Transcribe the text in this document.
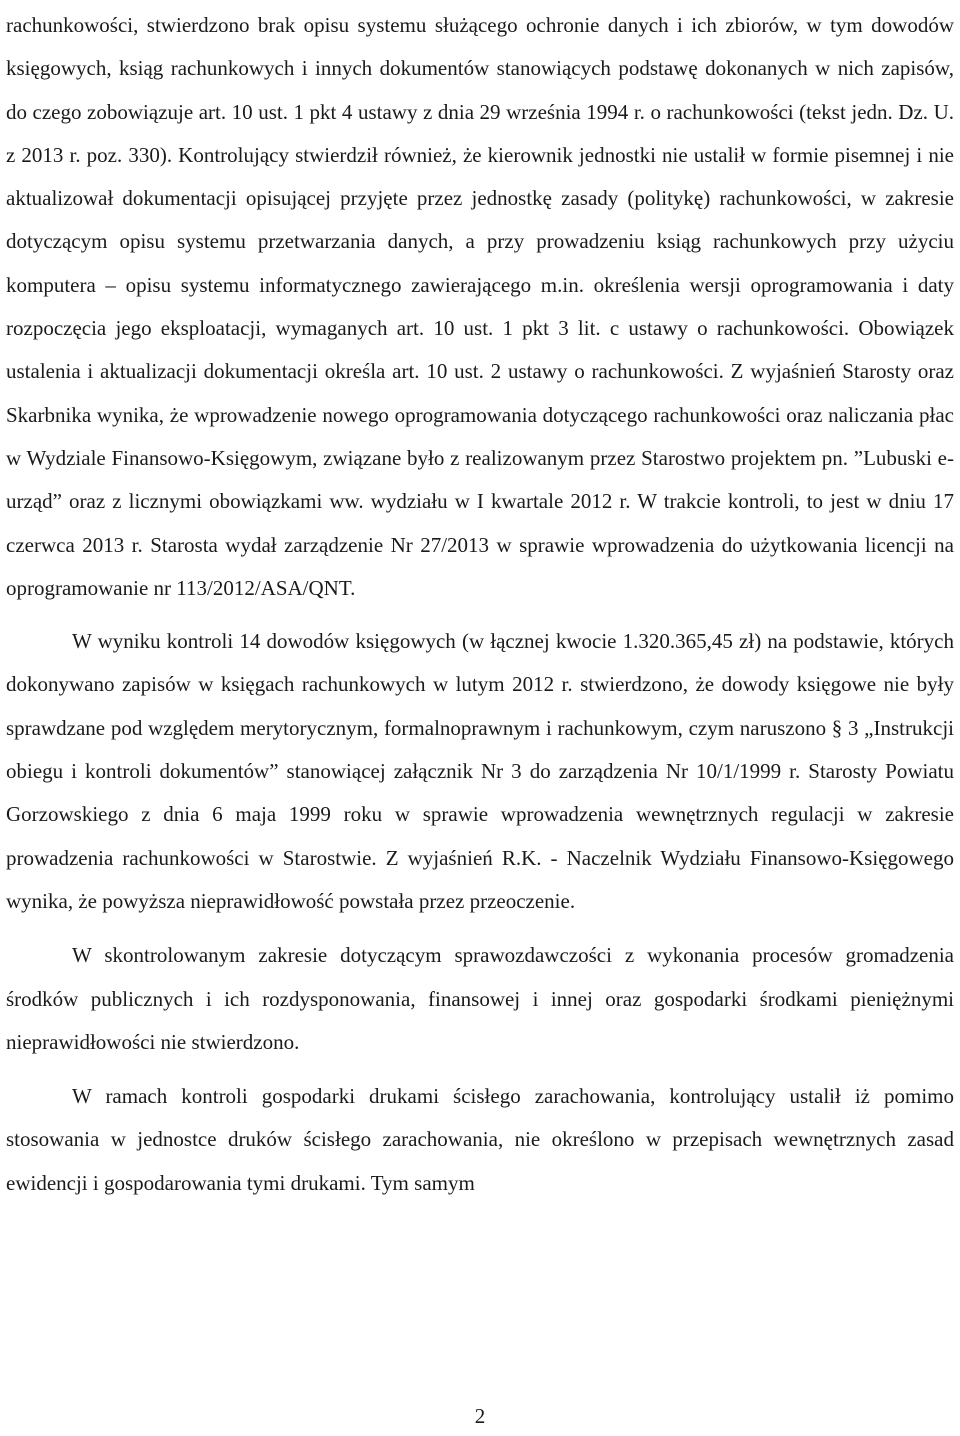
rachunkowości, stwierdzono brak opisu systemu służącego ochronie danych i ich zbiorów, w tym dowodów księgowych, ksiąg rachunkowych i innych dokumentów stanowiących podstawę dokonanych w nich zapisów, do czego zobowiązuje art. 10 ust. 1 pkt 4 ustawy z dnia 29 września 1994 r. o rachunkowości (tekst jedn. Dz. U. z 2013 r. poz. 330). Kontrolujący stwierdził również, że kierownik jednostki nie ustalił w formie pisemnej i nie aktualizował dokumentacji opisującej przyjęte przez jednostkę zasady (politykę) rachunkowości, w zakresie dotyczącym opisu systemu przetwarzania danych, a przy prowadzeniu ksiąg rachunkowych przy użyciu komputera – opisu systemu informatycznego zawierającego m.in. określenia wersji oprogramowania i daty rozpoczęcia jego eksploatacji, wymaganych art. 10 ust. 1 pkt 3 lit. c ustawy o rachunkowości. Obowiązek ustalenia i aktualizacji dokumentacji określa art. 10 ust. 2 ustawy o rachunkowości. Z wyjaśnień Starosty oraz Skarbnika wynika, że wprowadzenie nowego oprogramowania dotyczącego rachunkowości oraz naliczania płac w Wydziale Finansowo-Księgowym, związane było z realizowanym przez Starostwo projektem pn. ”Lubuski e-urząd” oraz z licznymi obowiązkami ww. wydziału w I kwartale 2012 r. W trakcie kontroli, to jest w dniu 17 czerwca 2013 r. Starosta wydał zarządzenie Nr 27/2013 w sprawie wprowadzenia do użytkowania licencji na oprogramowanie nr 113/2012/ASA/QNT.

W wyniku kontroli 14 dowodów księgowych (w łącznej kwocie 1.320.365,45 zł) na podstawie, których dokonywano zapisów w księgach rachunkowych w lutym 2012 r. stwierdzono, że dowody księgowe nie były sprawdzane pod względem merytorycznym, formalnoprawnym i rachunkowym, czym naruszono § 3 „Instrukcji obiegu i kontroli dokumentów” stanowiącej załącznik Nr 3 do zarządzenia Nr 10/1/1999 r. Starosty Powiatu Gorzowskiego z dnia 6 maja 1999 roku w sprawie wprowadzenia wewnętrznych regulacji w zakresie prowadzenia rachunkowości w Starostwie. Z wyjaśnień R.K. - Naczelnik Wydziału Finansowo-Księgowego wynika, że powyższa nieprawidłowość powstała przez przeoczenie.

W skontrolowanym zakresie dotyczącym sprawozdawczości z wykonania procesów gromadzenia środków publicznych i ich rozdysponowania, finansowej i innej oraz gospodarki środkami pieniężnymi nieprawidłowości nie stwierdzono.

W ramach kontroli gospodarki drukami ścisłego zarachowania, kontrolujący ustalił iż pomimo stosowania w jednostce druków ścisłego zarachowania, nie określono w przepisach wewnętrznych zasad ewidencji i gospodarowania tymi drukami. Tym samym

2
